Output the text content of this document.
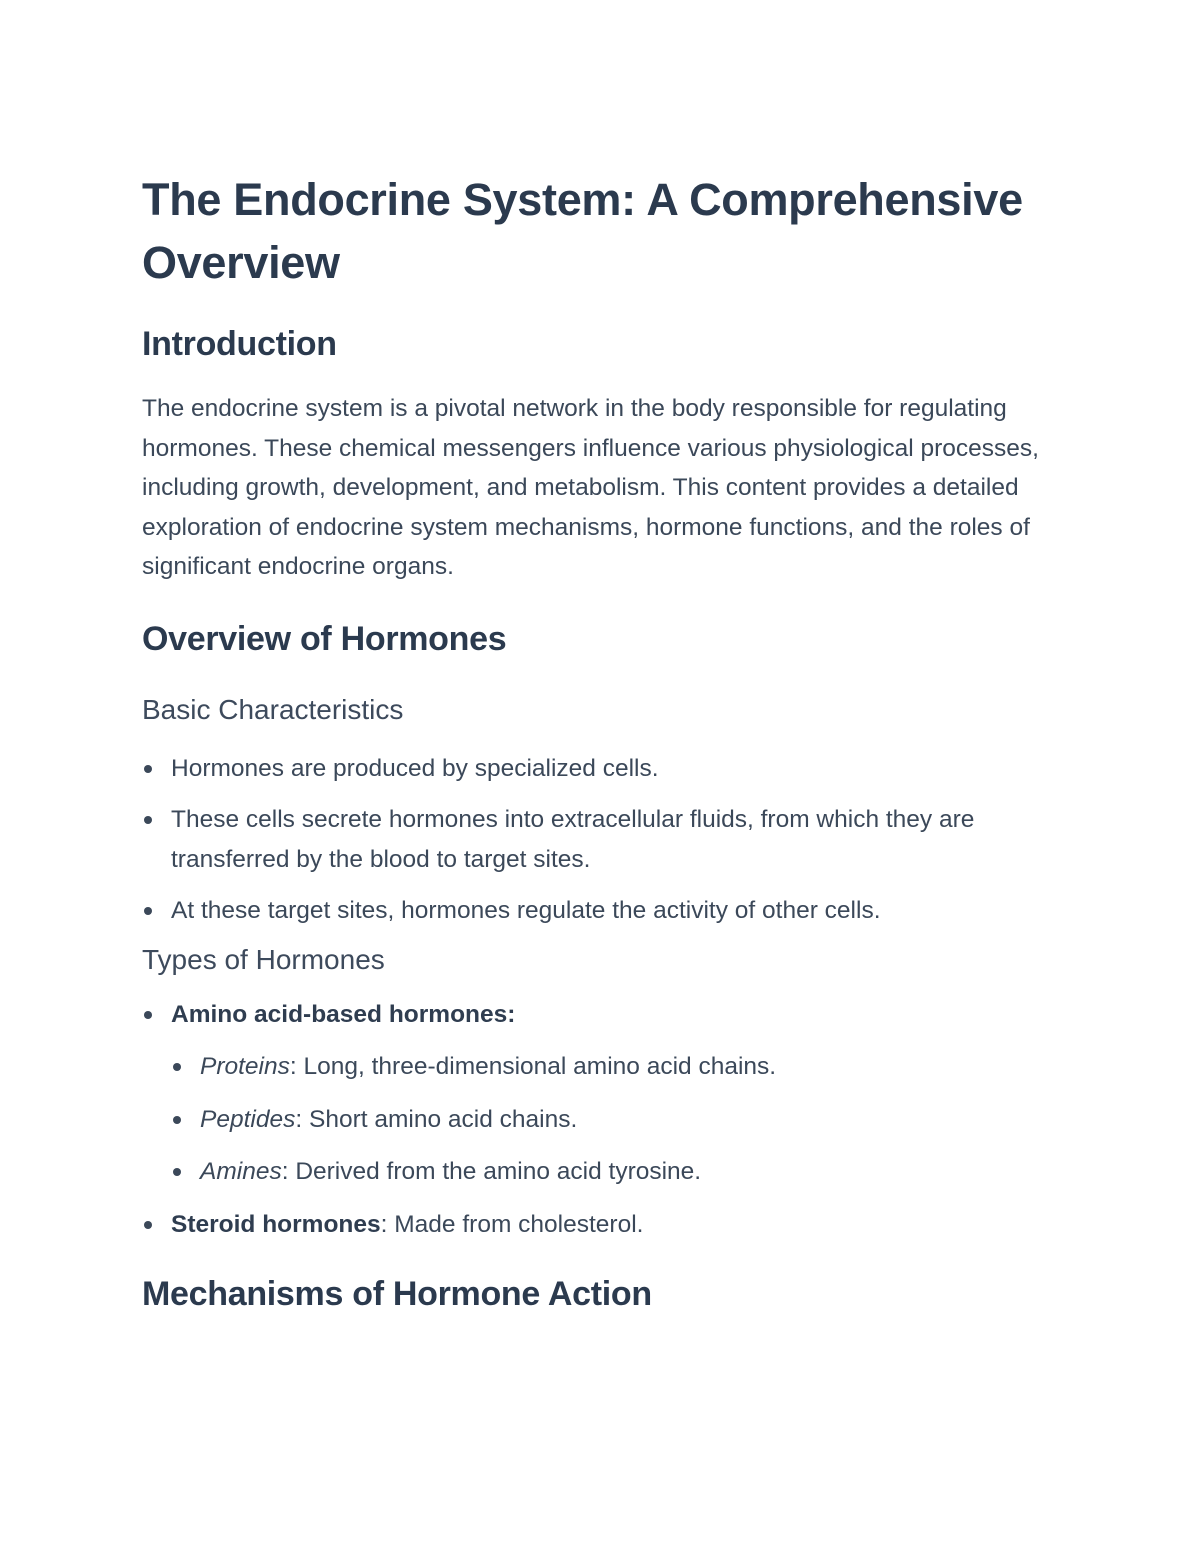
The Endocrine System: A Comprehensive Overview
Introduction

The endocrine system is a pivotal network in the body responsible for regulating hormones. These chemical messengers influence various physiological processes, including growth, development, and metabolism. This content provides a detailed exploration of endocrine system mechanisms, hormone functions, and the roles of significant endocrine organs.

Overview of Hormones
Basic Characteristics
Hormones are produced by specialized cells.
These cells secrete hormones into extracellular fluids, from which they are transferred by the blood to target sites.
At these target sites, hormones regulate the activity of other cells.
Types of Hormones
Amino acid-based hormones:
Proteins: Long, three-dimensional amino acid chains.
Peptides: Short amino acid chains.
Amines: Derived from the amino acid tyrosine.
Steroid hormones: Made from cholesterol.
Mechanisms of Hormone Action
